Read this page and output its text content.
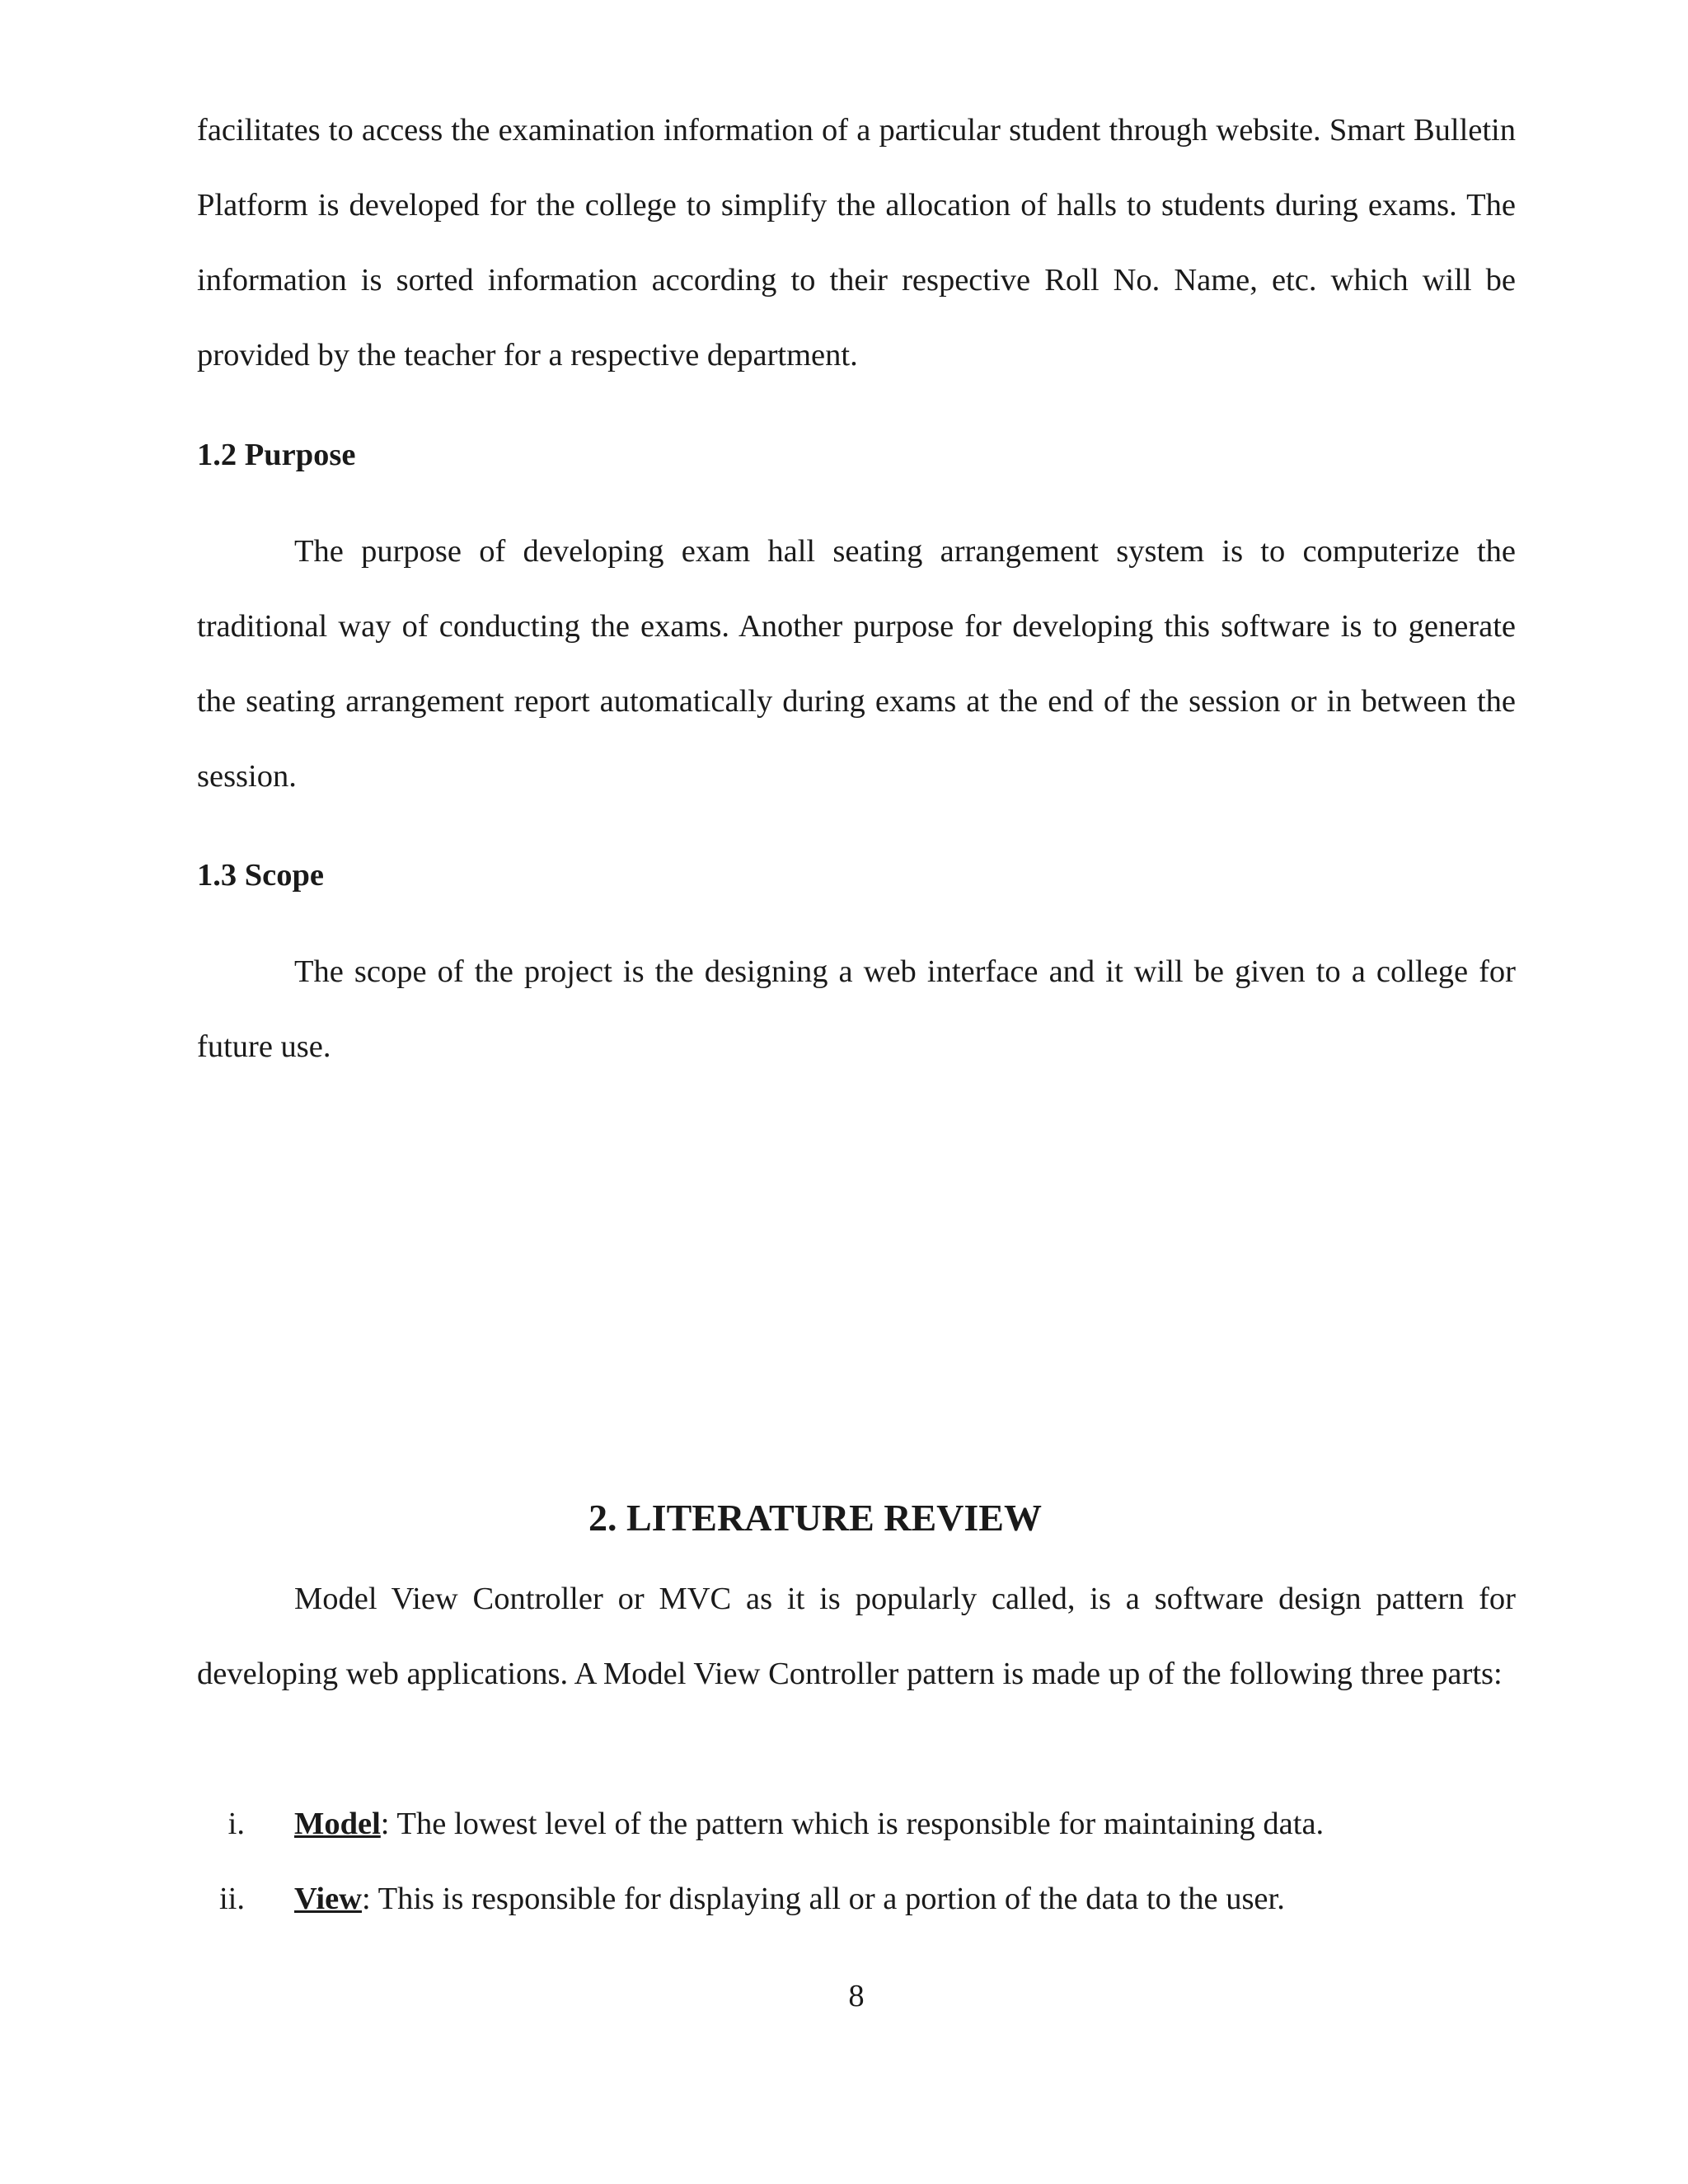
facilitates to access the examination information of a particular student through website. Smart Bulletin Platform is developed for the college to simplify the allocation of halls to students during exams. The information is sorted information according to their respective Roll No. Name, etc. which will be provided by the teacher for a respective department.

1.2 Purpose

The purpose of developing exam hall seating arrangement system is to computerize the traditional way of conducting the exams. Another purpose for developing this software is to generate the seating arrangement report automatically during exams at the end of the session or in between the session.

1.3 Scope

The scope of the project is the designing a web interface and it will be given to a college for future use.

2. LITERATURE REVIEW

Model View Controller or MVC as it is popularly called, is a software design pattern for developing web applications. A Model View Controller pattern is made up of the following three parts:

i. Model: The lowest level of the pattern which is responsible for maintaining data.

ii. View: This is responsible for displaying all or a portion of the data to the user.

8
